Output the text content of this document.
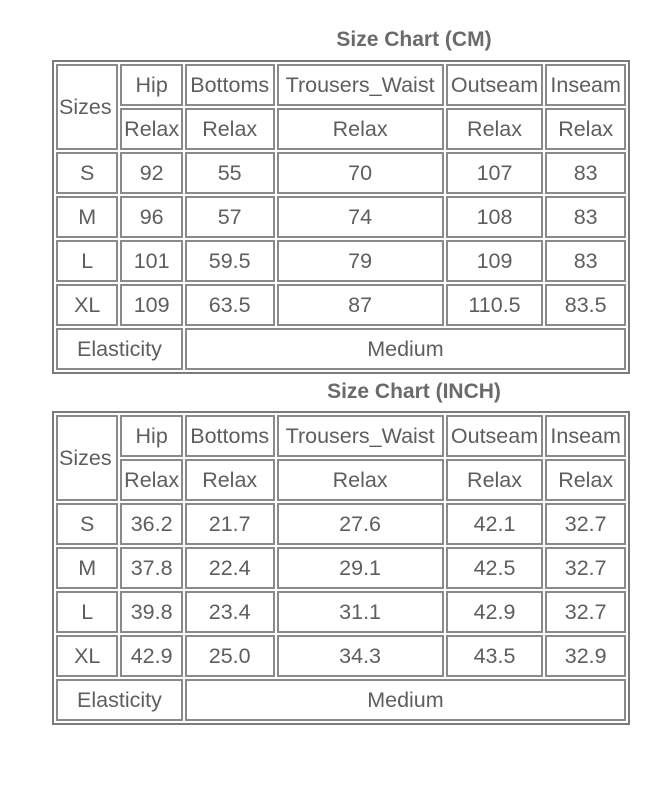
Size Chart (CM)
Sizes	Hip	Bottoms	Trousers_Waist	Outseam	Inseam
	Relax	Relax	Relax	Relax	Relax
S	92	55	70	107	83
M	96	57	74	108	83
L	101	59.5	79	109	83
XL	109	63.5	87	110.5	83.5
Elasticity		Medium			
Size Chart (INCH)
Sizes	Hip	Bottoms	Trousers_Waist	Outseam	Inseam
	Relax	Relax	Relax	Relax	Relax
S	36.2	21.7	27.6	42.1	32.7
M	37.8	22.4	29.1	42.5	32.7
L	39.8	23.4	31.1	42.9	32.7
XL	42.9	25.0	34.3	43.5	32.9
Elasticity		Medium			
